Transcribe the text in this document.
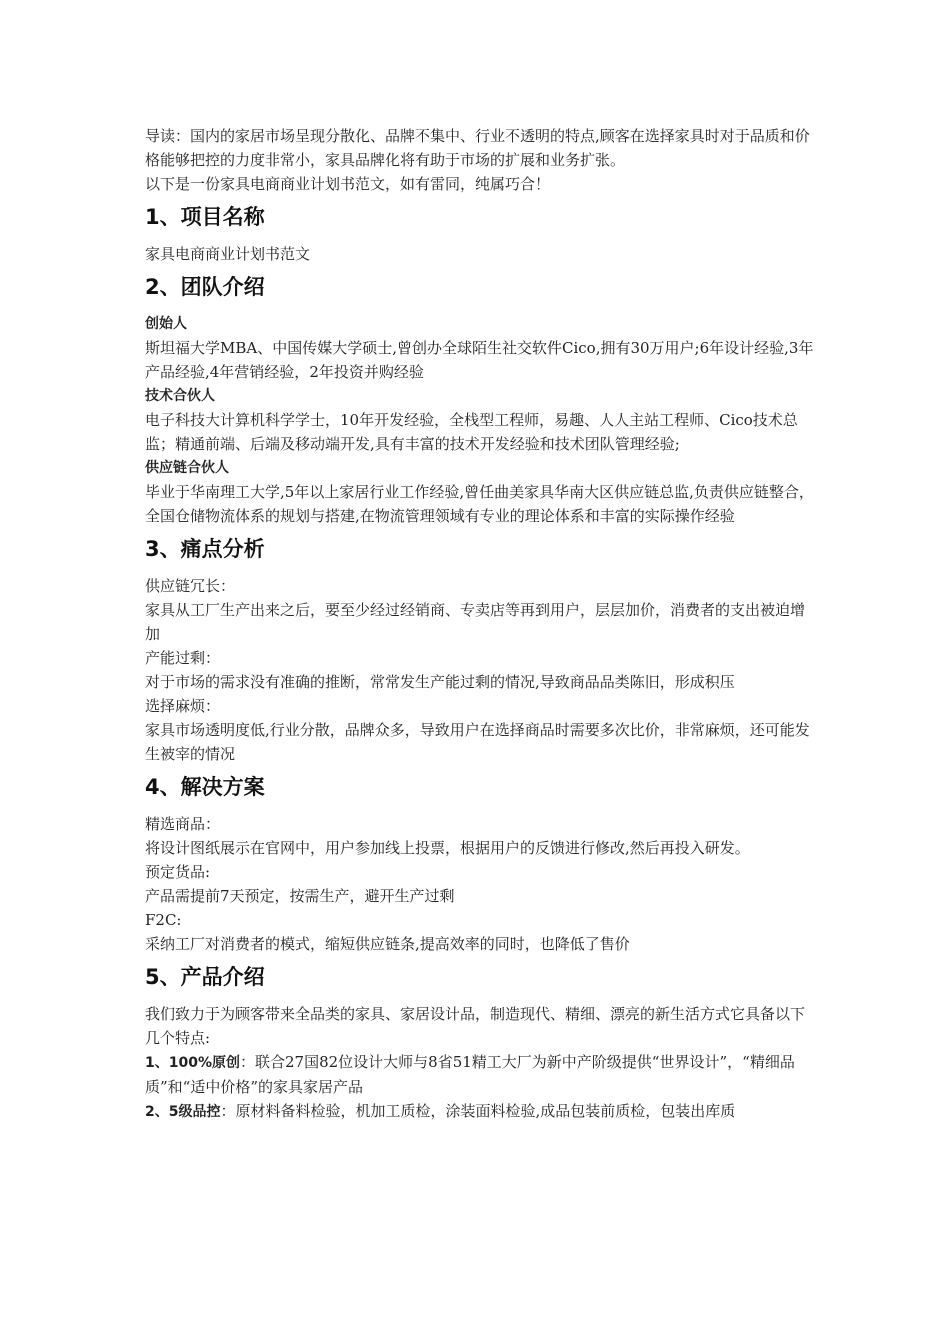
导读：国内的家居市场呈现分散化、品牌不集中、行业不透明的特点,顾客在选择家具时对于品质和价格能够把控的力度非常小，家具品牌化将有助于市场的扩展和业务扩张。

以下是一份家具电商商业计划书范文，如有雷同，纯属巧合！

1、项目名称

家具电商商业计划书范文

2、团队介绍

创始人

斯坦福大学MBA、中国传媒大学硕士,曾创办全球陌生社交软件Cico,拥有30万用户;6年设计经验,3年产品经验,4年营销经验，2年投资并购经验

技术合伙人

电子科技大计算机科学学士，10年开发经验，全栈型工程师，易趣、人人主站工程师、Cico技术总监；精通前端、后端及移动端开发,具有丰富的技术开发经验和技术团队管理经验;

供应链合伙人

毕业于华南理工大学,5年以上家居行业工作经验,曾任曲美家具华南大区供应链总监,负责供应链整合，全国仓储物流体系的规划与搭建,在物流管理领域有专业的理论体系和丰富的实际操作经验

3、痛点分析

供应链冗长：

家具从工厂生产出来之后，要至少经过经销商、专卖店等再到用户，层层加价，消费者的支出被迫增加

产能过剩：

对于市场的需求没有准确的推断，常常发生产能过剩的情况,导致商品品类陈旧，形成积压

选择麻烦：

家具市场透明度低,行业分散，品牌众多，导致用户在选择商品时需要多次比价，非常麻烦，还可能发生被宰的情况

4、解决方案

精选商品：

将设计图纸展示在官网中，用户参加线上投票，根据用户的反馈进行修改,然后再投入研发。

预定货品:

产品需提前7天预定，按需生产，避开生产过剩

F2C:

采纳工厂对消费者的模式，缩短供应链条,提高效率的同时，也降低了售价

5、产品介绍

我们致力于为顾客带来全品类的家具、家居设计品，制造现代、精细、漂亮的新生活方式它具备以下几个特点:

1、100%原创：联合27国82位设计大师与8省51精工大厂为新中产阶级提供“世界设计”，“精细品质”和“适中价格”的家具家居产品

2、5级品控：原材料备料检验，机加工质检，涂装面料检验,成品包装前质检，包装出库质
